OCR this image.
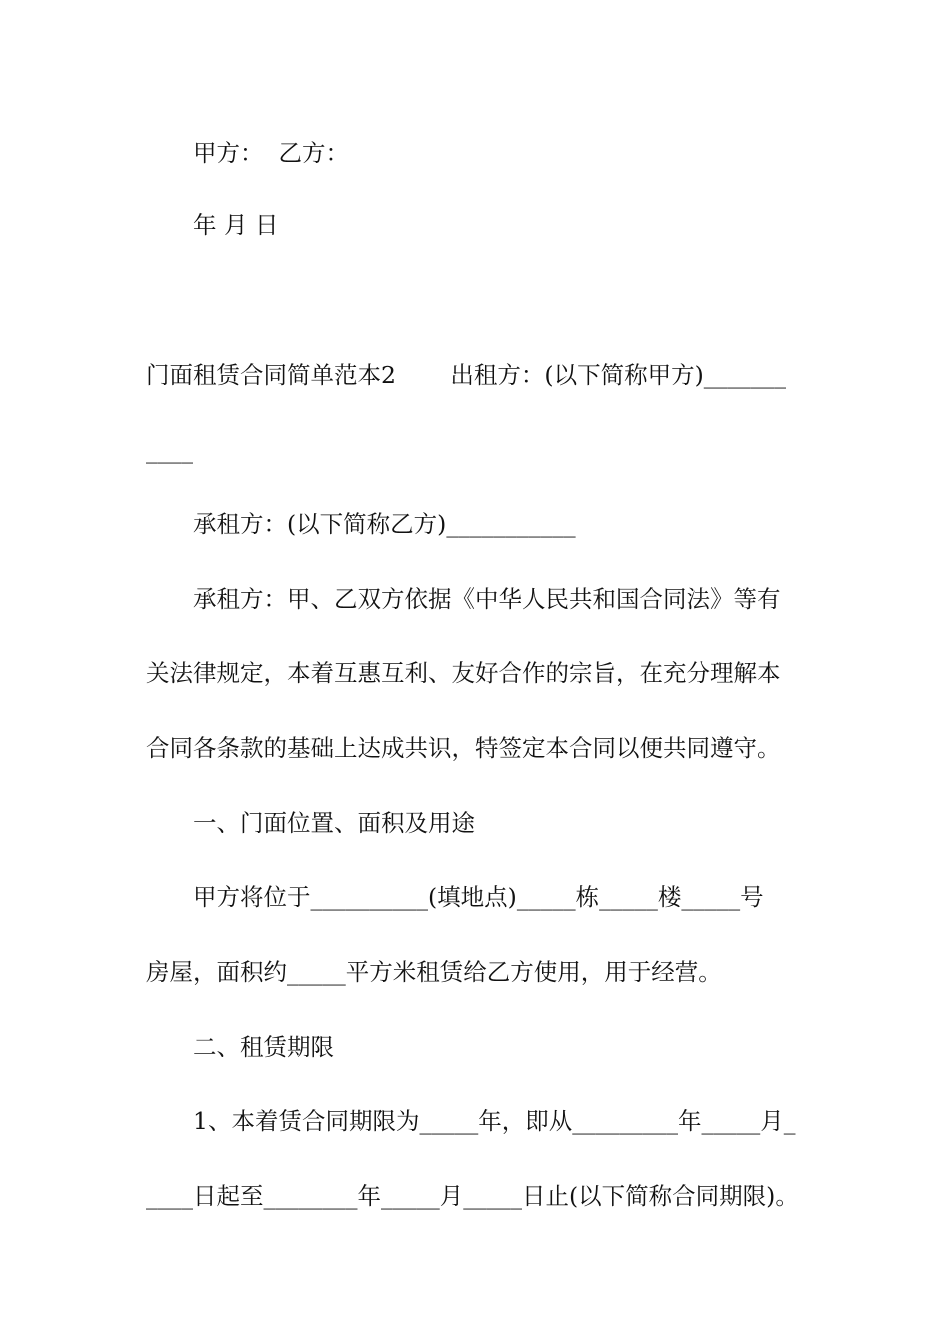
甲方：  乙方：
年 月 日
门面租赁合同简单范本2　　 出租方：(以下简称甲方)_______
____
承租方：(以下简称乙方)___________
承租方：甲、乙双方依据《中华人民共和国合同法》等有
关法律规定，本着互惠互利、友好合作的宗旨，在充分理解本
合同各条款的基础上达成共识，特签定本合同以便共同遵守。
一、门面位置、面积及用途
甲方将位于__________(填地点)_____栋_____楼_____号
房屋，面积约_____平方米租赁给乙方使用，用于经营。
二、租赁期限
1、本着赁合同期限为_____年，即从_________年_____月_
____日起至________年_____月_____日止(以下简称合同期限)。
